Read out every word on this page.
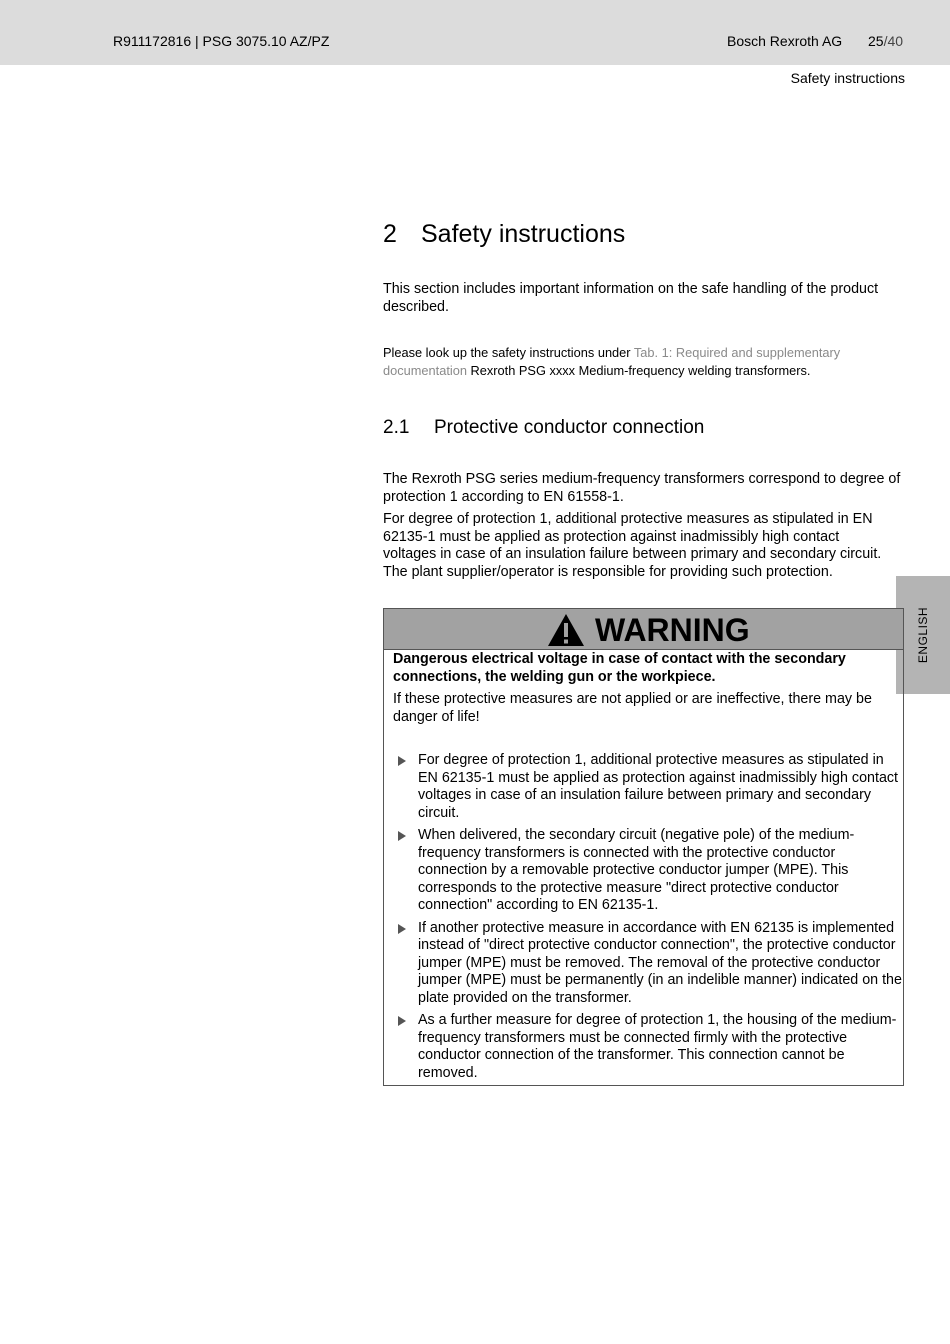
R911172816 | PSG 3075.10 AZ/PZ	Bosch Rexroth AG 25/40
Safety instructions
2 Safety instructions
This section includes important information on the safe handling of the product described.
Please look up the safety instructions under Tab. 1: Required and supplementary documentation Rexroth PSG xxxx Medium-frequency welding transformers.
2.1 Protective conductor connection
The Rexroth PSG series medium-frequency transformers correspond to degree of protection 1 according to EN 61558-1.
For degree of protection 1, additional protective measures as stipulated in EN 62135-1 must be applied as protection against inadmissibly high contact voltages in case of an insulation failure between primary and secondary circuit. The plant supplier/operator is responsible for providing such protection.
ENGLISH
WARNING
Dangerous electrical voltage in case of contact with the secondary connections, the welding gun or the workpiece.
If these protective measures are not applied or are ineffective, there may be danger of life!
For degree of protection 1, additional protective measures as stipulated in EN 62135-1 must be applied as protection against inadmissibly high contact voltages in case of an insulation failure between primary and secondary circuit.
When delivered, the secondary circuit (negative pole) of the medium-frequency transformers is connected with the protective conductor connection by a removable protective conductor jumper (MPE). This corresponds to the protective measure "direct protective conductor connection" according to EN 62135-1.
If another protective measure in accordance with EN 62135 is implemented instead of "direct protective conductor connection", the protective conductor jumper (MPE) must be removed. The removal of the protective conductor jumper (MPE) must be permanently (in an indelible manner) indicated on the plate provided on the transformer.
As a further measure for degree of protection 1, the housing of the medium-frequency transformers must be connected firmly with the protective conductor connection of the transformer. This connection cannot be removed.
